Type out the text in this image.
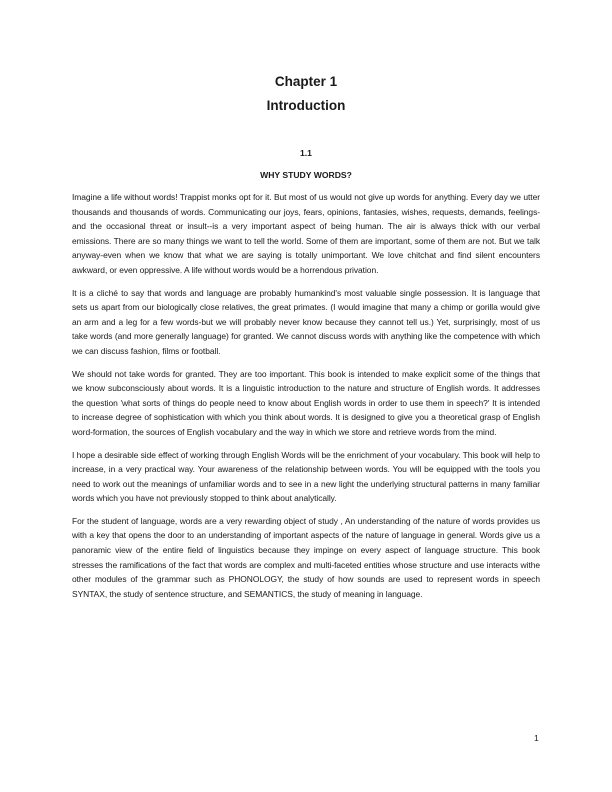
Chapter 1
Introduction
1.1
WHY STUDY WORDS?

Imagine a life without words! Trappist monks opt for it. But most of us would not give up words for anything. Every day we utter thousands and thousands of words. Communicating our joys, fears, opinions, fantasies, wishes, requests, demands, feelings-and the occasional threat or insult--is a very important aspect of being human. The air is always thick with our verbal emissions. There are so many things we want to tell the world. Some of them are important, some of them are not. But we talk anyway-even when we know that what we are saying is totally unimportant. We love chitchat and find silent encounters awkward, or even oppressive. A life without words would be a horrendous privation.

It is a cliché to say that words and language are probably humankind's most valuable single possession. It is language that sets us apart from our biologically close relatives, the great primates. (I would imagine that many a chimp or gorilla would give an arm and a leg for a few words-but we will probably never know because they cannot tell us.) Yet, surprisingly, most of us take words (and more generally language) for granted. We cannot discuss words with anything like the competence with which we can discuss fashion, films or football.

We should not take words for granted. They are too important. This book is intended to make explicit some of the things that we know subconsciously about words. It is a linguistic introduction to the nature and structure of English words. It addresses the question 'what sorts of things do people need to know about English words in order to use them in speech?' It is intended to increase degree of sophistication with which you think about words. It is designed to give you a theoretical grasp of English word-formation, the sources of English vocabulary and the way in which we store and retrieve words from the mind.

I hope a desirable side effect of working through English Words will be the enrichment of your vocabulary. This book will help to increase, in a very practical way. Your awareness of the relationship between words. You will be equipped with the tools you need to work out the meanings of unfamiliar words and to see in a new light the underlying structural patterns in many familiar words which you have not previously stopped to think about analytically.

For the student of language, words are a very rewarding object of study , An understanding of the nature of words provides us with a key that opens the door to an understanding of important aspects of the nature of language in general. Words give us a panoramic view of the entire field of linguistics because they impinge on every aspect of language structure. This book stresses the ramifications of the fact that words are complex and multi-faceted entities whose structure and use interacts withe other modules of the grammar such as PHONOLOGY, the study of how sounds are used to represent words in speech SYNTAX, the study of sentence structure, and SEMANTICS, the study of meaning in language.

1
